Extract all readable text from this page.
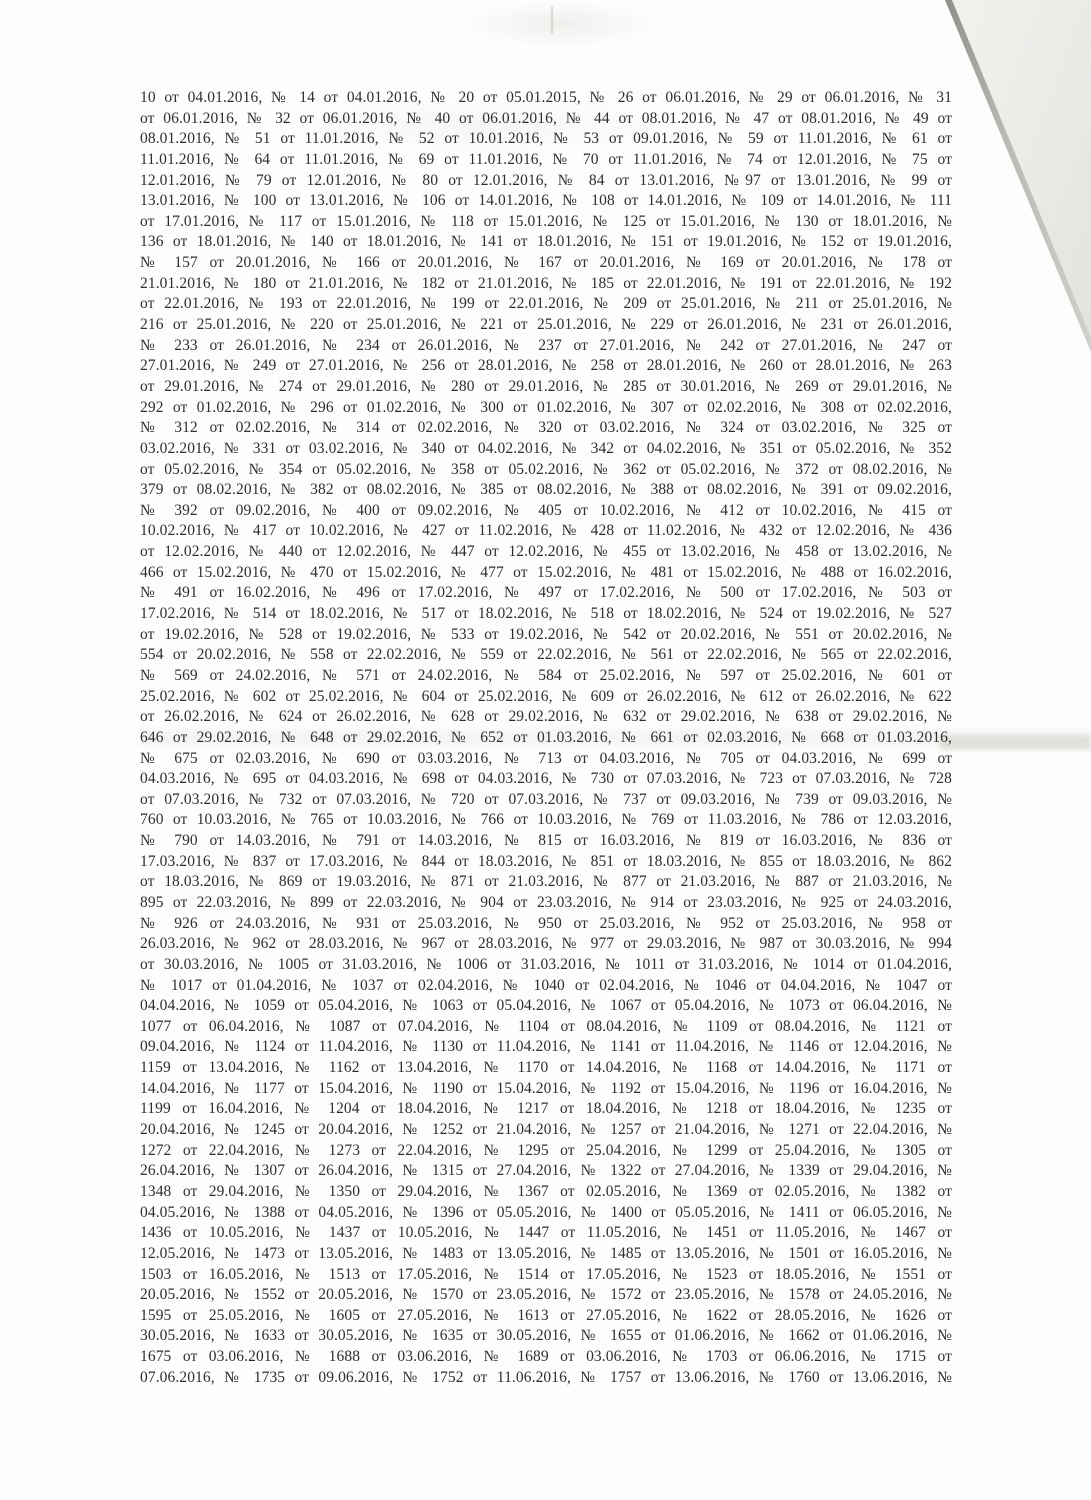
10 от 04.01.2016, № 14 от 04.01.2016, № 20 от 05.01.2015, № 26 от 06.01.2016, № 29 от 06.01.2016, № 31
от 06.01.2016, № 32 от 06.01.2016, № 40 от 06.01.2016, № 44 от 08.01.2016, № 47 от 08.01.2016, № 49 от
08.01.2016, № 51 от 11.01.2016, № 52 от 10.01.2016, № 53 от 09.01.2016, № 59 от 11.01.2016, № 61 от
11.01.2016, № 64 от 11.01.2016, № 69 от 11.01.2016, № 70 от 11.01.2016, № 74 от 12.01.2016, № 75 от
12.01.2016, № 79 от 12.01.2016, № 80 от 12.01.2016, № 84 от 13.01.2016, №97 от 13.01.2016, № 99 от
13.01.2016, № 100 от 13.01.2016, № 106 от 14.01.2016, № 108 от 14.01.2016, № 109 от 14.01.2016, № 111
от 17.01.2016, № 117 от 15.01.2016, № 118 от 15.01.2016, № 125 от 15.01.2016, № 130 от 18.01.2016, №
136 от 18.01.2016, № 140 от 18.01.2016, № 141 от 18.01.2016, № 151 от 19.01.2016, № 152 от 19.01.2016,
№ 157 от 20.01.2016, № 166 от 20.01.2016, № 167 от 20.01.2016, № 169 от 20.01.2016, № 178 от
21.01.2016, № 180 от 21.01.2016, № 182 от 21.01.2016, № 185 от 22.01.2016, № 191 от 22.01.2016, № 192
от 22.01.2016, № 193 от 22.01.2016, № 199 от 22.01.2016, № 209 от 25.01.2016, № 211 от 25.01.2016, №
216 от 25.01.2016, № 220 от 25.01.2016, № 221 от 25.01.2016, № 229 от 26.01.2016, № 231 от 26.01.2016,
№ 233 от 26.01.2016, № 234 от 26.01.2016, № 237 от 27.01.2016, № 242 от 27.01.2016, № 247 от
27.01.2016, № 249 от 27.01.2016, № 256 от 28.01.2016, № 258 от 28.01.2016, № 260 от 28.01.2016, № 263
от 29.01.2016, № 274 от 29.01.2016, № 280 от 29.01.2016, № 285 от 30.01.2016, № 269 от 29.01.2016, №
292 от 01.02.2016, № 296 от 01.02.2016, № 300 от 01.02.2016, № 307 от 02.02.2016, № 308 от 02.02.2016,
№ 312 от 02.02.2016, № 314 от 02.02.2016, № 320 от 03.02.2016, № 324 от 03.02.2016, № 325 от
03.02.2016, № 331 от 03.02.2016, № 340 от 04.02.2016, № 342 от 04.02.2016, № 351 от 05.02.2016, № 352
от 05.02.2016, № 354 от 05.02.2016, № 358 от 05.02.2016, № 362 от 05.02.2016, № 372 от 08.02.2016, №
379 от 08.02.2016, № 382 от 08.02.2016, № 385 от 08.02.2016, № 388 от 08.02.2016, № 391 от 09.02.2016,
№ 392 от 09.02.2016, № 400 от 09.02.2016, № 405 от 10.02.2016, № 412 от 10.02.2016, № 415 от
10.02.2016, № 417 от 10.02.2016, № 427 от 11.02.2016, № 428 от 11.02.2016, № 432 от 12.02.2016, № 436
от 12.02.2016, № 440 от 12.02.2016, № 447 от 12.02.2016, № 455 от 13.02.2016, № 458 от 13.02.2016, №
466 от 15.02.2016, № 470 от 15.02.2016, № 477 от 15.02.2016, № 481 от 15.02.2016, № 488 от 16.02.2016,
№ 491 от 16.02.2016, № 496 от 17.02.2016, № 497 от 17.02.2016, № 500 от 17.02.2016, № 503 от
17.02.2016, № 514 от 18.02.2016, № 517 от 18.02.2016, № 518 от 18.02.2016, № 524 от 19.02.2016, № 527
от 19.02.2016, № 528 от 19.02.2016, № 533 от 19.02.2016, № 542 от 20.02.2016, № 551 от 20.02.2016, №
554 от 20.02.2016, № 558 от 22.02.2016, № 559 от 22.02.2016, № 561 от 22.02.2016, № 565 от 22.02.2016,
№ 569 от 24.02.2016, № 571 от 24.02.2016, № 584 от 25.02.2016, № 597 от 25.02.2016, № 601 от
25.02.2016, № 602 от 25.02.2016, № 604 от 25.02.2016, № 609 от 26.02.2016, № 612 от 26.02.2016, № 622
от 26.02.2016, № 624 от 26.02.2016, № 628 от 29.02.2016, № 632 от 29.02.2016, № 638 от 29.02.2016, №
646 от 29.02.2016, № 648 от 29.02.2016, № 652 от 01.03.2016, № 661 от 02.03.2016, № 668 от 01.03.2016,
№ 675 от 02.03.2016, № 690 от 03.03.2016, № 713 от 04.03.2016, № 705 от 04.03.2016, № 699 от
04.03.2016, № 695 от 04.03.2016, № 698 от 04.03.2016, № 730 от 07.03.2016, № 723 от 07.03.2016, № 728
от 07.03.2016, № 732 от 07.03.2016, № 720 от 07.03.2016, № 737 от 09.03.2016, № 739 от 09.03.2016, №
760 от 10.03.2016, № 765 от 10.03.2016, № 766 от 10.03.2016, № 769 от 11.03.2016, № 786 от 12.03.2016,
№ 790 от 14.03.2016, № 791 от 14.03.2016, № 815 от 16.03.2016, № 819 от 16.03.2016, № 836 от
17.03.2016, № 837 от 17.03.2016, № 844 от 18.03.2016, № 851 от 18.03.2016, № 855 от 18.03.2016, № 862
от 18.03.2016, № 869 от 19.03.2016, № 871 от 21.03.2016, № 877 от 21.03.2016, № 887 от 21.03.2016, №
895 от 22.03.2016, № 899 от 22.03.2016, № 904 от 23.03.2016, № 914 от 23.03.2016, № 925 от 24.03.2016,
№ 926 от 24.03.2016, № 931 от 25.03.2016, № 950 от 25.03.2016, № 952 от 25.03.2016, № 958 от
26.03.2016, № 962 от 28.03.2016, № 967 от 28.03.2016, № 977 от 29.03.2016, № 987 от 30.03.2016, № 994
от 30.03.2016, № 1005 от 31.03.2016, № 1006 от 31.03.2016, № 1011 от 31.03.2016, № 1014 от 01.04.2016,
№ 1017 от 01.04.2016, № 1037 от 02.04.2016, № 1040 от 02.04.2016, № 1046 от 04.04.2016, № 1047 от
04.04.2016, № 1059 от 05.04.2016, № 1063 от 05.04.2016, № 1067 от 05.04.2016, № 1073 от 06.04.2016, №
1077 от 06.04.2016, № 1087 от 07.04.2016, № 1104 от 08.04.2016, № 1109 от 08.04.2016, № 1121 от
09.04.2016, № 1124 от 11.04.2016, № 1130 от 11.04.2016, № 1141 от 11.04.2016, № 1146 от 12.04.2016, №
1159 от 13.04.2016, № 1162 от 13.04.2016, № 1170 от 14.04.2016, № 1168 от 14.04.2016, № 1171 от
14.04.2016, № 1177 от 15.04.2016, № 1190 от 15.04.2016, № 1192 от 15.04.2016, № 1196 от 16.04.2016, №
1199 от 16.04.2016, № 1204 от 18.04.2016, № 1217 от 18.04.2016, № 1218 от 18.04.2016, № 1235 от
20.04.2016, № 1245 от 20.04.2016, № 1252 от 21.04.2016, № 1257 от 21.04.2016, № 1271 от 22.04.2016, №
1272 от 22.04.2016, № 1273 от 22.04.2016, № 1295 от 25.04.2016, № 1299 от 25.04.2016, № 1305 от
26.04.2016, № 1307 от 26.04.2016, № 1315 от 27.04.2016, № 1322 от 27.04.2016, № 1339 от 29.04.2016, №
1348 от 29.04.2016, № 1350 от 29.04.2016, № 1367 от 02.05.2016, № 1369 от 02.05.2016, № 1382 от
04.05.2016, № 1388 от 04.05.2016, № 1396 от 05.05.2016, № 1400 от 05.05.2016, № 1411 от 06.05.2016, №
1436 от 10.05.2016, № 1437 от 10.05.2016, № 1447 от 11.05.2016, № 1451 от 11.05.2016, № 1467 от
12.05.2016, № 1473 от 13.05.2016, № 1483 от 13.05.2016, № 1485 от 13.05.2016, № 1501 от 16.05.2016, №
1503 от 16.05.2016, № 1513 от 17.05.2016, № 1514 от 17.05.2016, № 1523 от 18.05.2016, № 1551 от
20.05.2016, № 1552 от 20.05.2016, № 1570 от 23.05.2016, № 1572 от 23.05.2016, № 1578 от 24.05.2016, №
1595 от 25.05.2016, № 1605 от 27.05.2016, № 1613 от 27.05.2016, № 1622 от 28.05.2016, № 1626 от
30.05.2016, № 1633 от 30.05.2016, № 1635 от 30.05.2016, № 1655 от 01.06.2016, № 1662 от 01.06.2016, №
1675 от 03.06.2016, № 1688 от 03.06.2016, № 1689 от 03.06.2016, № 1703 от 06.06.2016, № 1715 от
07.06.2016, № 1735 от 09.06.2016, № 1752 от 11.06.2016, № 1757 от 13.06.2016, № 1760 от 13.06.2016, №
